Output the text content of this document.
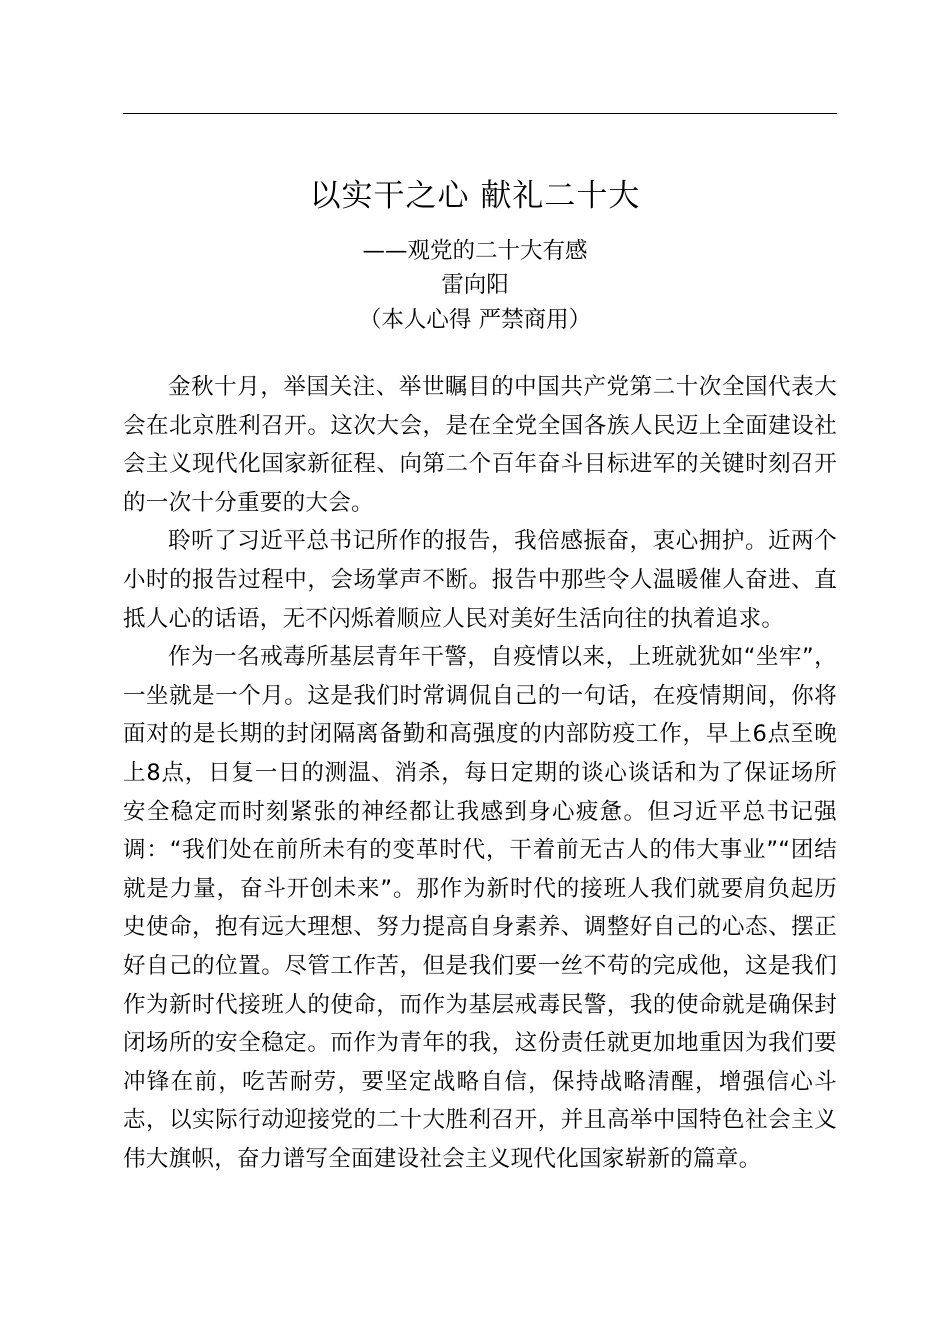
以实干之心 献礼二十大
——观党的二十大有感
雷向阳
（本人心得 严禁商用）

金秋十月，举国关注、举世瞩目的中国共产党第二十次全国代表大会在北京胜利召开。这次大会，是在全党全国各族人民迈上全面建设社会主义现代化国家新征程、向第二个百年奋斗目标进军的关键时刻召开的一次十分重要的大会。

聆听了习近平总书记所作的报告，我倍感振奋，衷心拥护。近两个小时的报告过程中，会场掌声不断。报告中那些令人温暖催人奋进、直抵人心的话语，无不闪烁着顺应人民对美好生活向往的执着追求。

作为一名戒毒所基层青年干警，自疫情以来，上班就犹如“坐牢”，一坐就是一个月。这是我们时常调侃自己的一句话，在疫情期间，你将面对的是长期的封闭隔离备勤和高强度的内部防疫工作，早上6点至晚上8点，日复一日的测温、消杀，每日定期的谈心谈话和为了保证场所安全稳定而时刻紧张的神经都让我感到身心疲惫。但习近平总书记强调：“我们处在前所未有的变革时代，干着前无古人的伟大事业”“团结就是力量，奋斗开创未来”。那作为新时代的接班人我们就要肩负起历史使命，抱有远大理想、努力提高自身素养、调整好自己的心态、摆正好自己的位置。尽管工作苦，但是我们要一丝不苟的完成他，这是我们作为新时代接班人的使命，而作为基层戒毒民警，我的使命就是确保封闭场所的安全稳定。而作为青年的我，这份责任就更加地重因为我们要冲锋在前，吃苦耐劳，要坚定战略自信，保持战略清醒，增强信心斗志，以实际行动迎接党的二十大胜利召开，并且高举中国特色社会主义伟大旗帜，奋力谱写全面建设社会主义现代化国家崭新的篇章。
